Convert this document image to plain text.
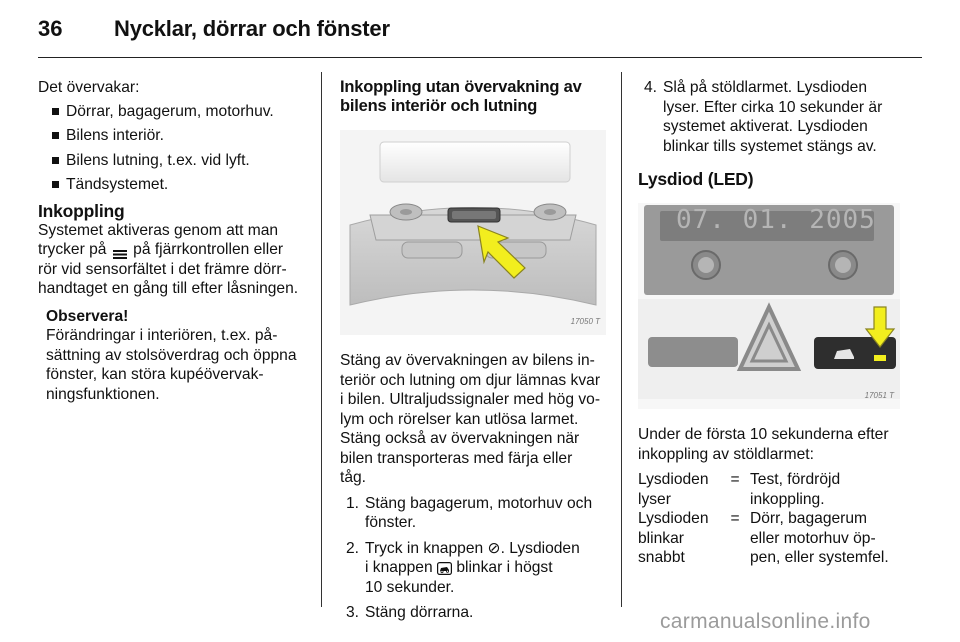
36	Nycklar, dörrar och fönster
Det övervakar:
Dörrar, bagagerum, motorhuv.
Bilens interiör.
Bilens lutning, t.ex. vid lyft.
Tändsystemet.
Inkoppling
Systemet aktiveras genom att man
trycker på på fjärrkontrollen eller
rör vid sensorfältet i det främre dörr-
handtaget en gång till efter låsningen.
Observera!
Förändringar i interiören, t.ex. på-
sättning av stolsöverdrag och öppna
fönster, kan störa kupéövervak-
ningsfunktionen.
Inkoppling utan övervakning av
bilens interiör och lutning
17050 T
Stäng av övervakningen av bilens in-
teriör och lutning om djur lämnas kvar
i bilen. Ultraljudssignaler med hög vo-
lym och rörelser kan utlösa larmet.
Stäng också av övervakningen när
bilen transporteras med färja eller
tåg.
1. Stäng bagagerum, motorhuv och
fönster.
2. Tryck in knappen ⊘. Lysdioden
i knappen blinkar i högst
10 sekunder.
3. Stäng dörrarna.
4. Slå på stöldlarmet. Lysdioden
lyser. Efter cirka 10 sekunder är
systemet aktiverat. Lysdioden
blinkar tills systemet stängs av.
Lysdiod (LED)
07. 01. 2005
17051 T
Under de första 10 sekunderna efter
inkoppling av stöldlarmet:
Lysdioden
lyser
= Test, fördröjd
inkoppling.
Lysdioden
blinkar
snabbt
= Dörr, bagagerum
eller motorhuv öp-
pen, eller systemfel.
carmanualsonline.info
